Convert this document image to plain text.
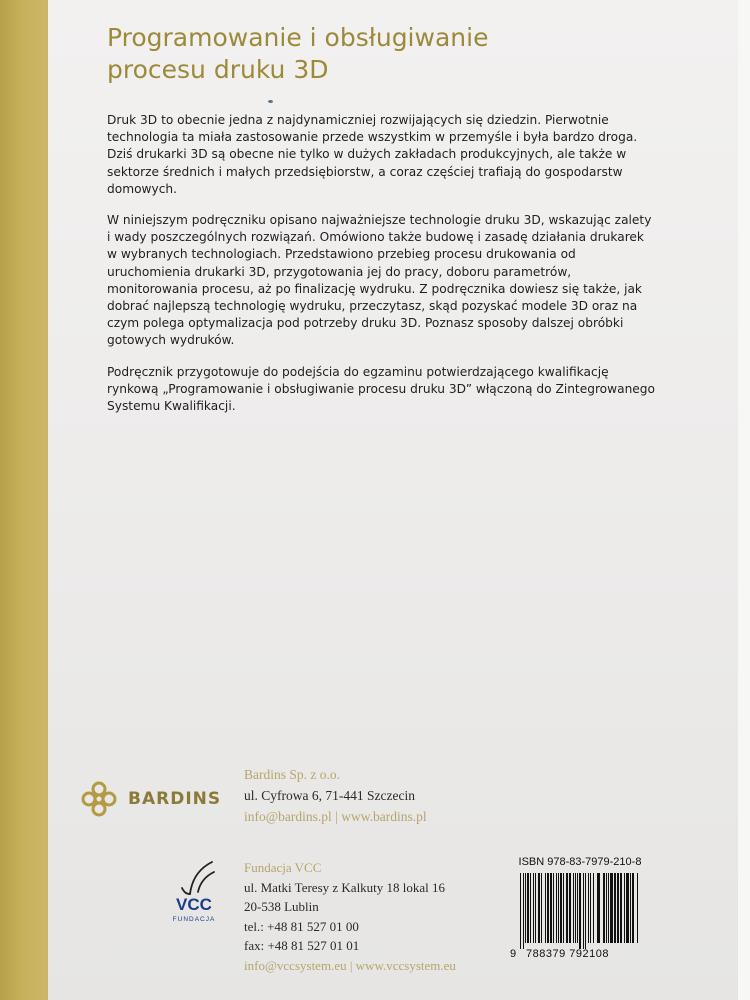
Programowanie i obsługiwanie
procesu druku 3D

Druk 3D to obecnie jedna z najdynamiczniej rozwijających się dziedzin. Pierwotnie technologia ta miała zastosowanie przede wszystkim w przemyśle i była bardzo droga. Dziś drukarki 3D są obecne nie tylko w dużych zakładach produkcyjnych, ale także w sektorze średnich i małych przedsiębiorstw, a coraz częściej trafiają do gospodarstw domowych.

W niniejszym podręczniku opisano najważniejsze technologie druku 3D, wskazując zalety i wady poszczególnych rozwiązań. Omówiono także budowę i zasadę działania drukarek w wybranych technologiach. Przedstawiono przebieg procesu drukowania od uruchomienia drukarki 3D, przygotowania jej do pracy, doboru parametrów, monitorowania procesu, aż po finalizację wydruku. Z podręcznika dowiesz się także, jak dobrać najlepszą technologię wydruku, przeczytasz, skąd pozyskać modele 3D oraz na czym polega optymalizacja pod potrzeby druku 3D. Poznasz sposoby dalszej obróbki gotowych wydruków.

Podręcznik przygotowuje do podejścia do egzaminu potwierdzającego kwalifikację rynkową „Programowanie i obsługiwanie procesu druku 3D” włączoną do Zintegrowanego Systemu Kwalifikacji.

BARDINS
Bardins Sp. z o.o.
ul. Cyfrowa 6, 71-441 Szczecin
info@bardins.pl | www.bardins.pl
VCC
FUNDACJA
Fundacja VCC
ul. Matki Teresy z Kalkuty 18 lokal 16
20-538 Lublin
tel.: +48 81 527 01 00
fax: +48 81 527 01 01
info@vccsystem.eu | www.vccsystem.eu
ISBN 978-83-7979-210-8
9 788379 792108
